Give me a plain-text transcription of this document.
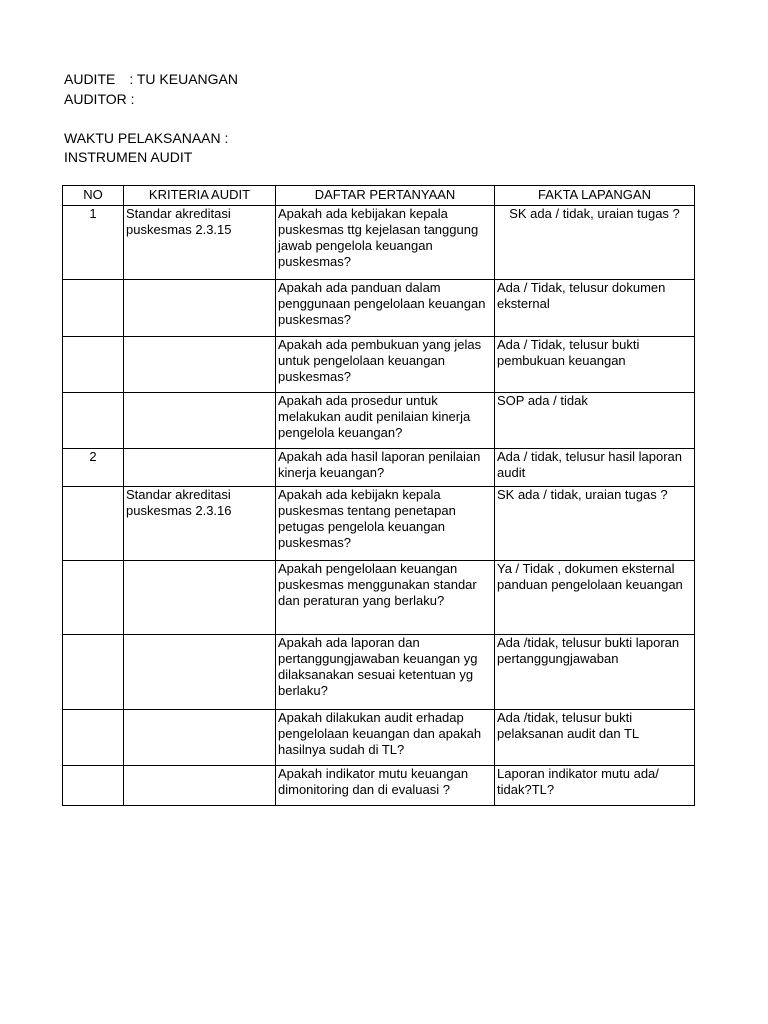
AUDITE : TU KEUANGAN
AUDITOR :
WAKTU PELAKSANAAN :
INSTRUMEN AUDIT
NO	KRITERIA AUDIT	DAFTAR PERTANYAAN	FAKTA LAPANGAN
1	Standar akreditasi puskesmas 2.3.15	Apakah ada kebijakan kepala puskesmas ttg kejelasan tanggung jawab pengelola keuangan puskesmas?	SK ada / tidak, uraian tugas ?
		Apakah ada panduan dalam penggunaan pengelolaan keuangan puskesmas?	Ada / Tidak, telusur dokumen eksternal
		Apakah ada pembukuan yang jelas untuk pengelolaan keuangan puskesmas?	Ada / Tidak, telusur bukti pembukuan keuangan
		Apakah ada prosedur untuk melakukan audit penilaian kinerja pengelola keuangan?	SOP ada / tidak
2		Apakah ada hasil laporan penilaian kinerja keuangan?	Ada / tidak, telusur hasil laporan audit
	Standar akreditasi puskesmas 2.3.16	Apakah ada kebijakn kepala puskesmas tentang penetapan petugas pengelola keuangan puskesmas?	SK ada / tidak, uraian tugas ?
		Apakah pengelolaan keuangan puskesmas menggunakan standar dan peraturan yang berlaku?	Ya / Tidak , dokumen eksternal panduan pengelolaan keuangan
		Apakah ada laporan dan pertanggungjawaban keuangan yg dilaksanakan sesuai ketentuan yg berlaku?	Ada /tidak, telusur bukti laporan pertanggungjawaban
		Apakah dilakukan audit erhadap pengelolaan keuangan dan apakah hasilnya sudah di TL?	Ada /tidak, telusur bukti pelaksanan audit dan TL
		Apakah indikator mutu keuangan dimonitoring dan di evaluasi ?	Laporan indikator mutu ada/ tidak?TL?
